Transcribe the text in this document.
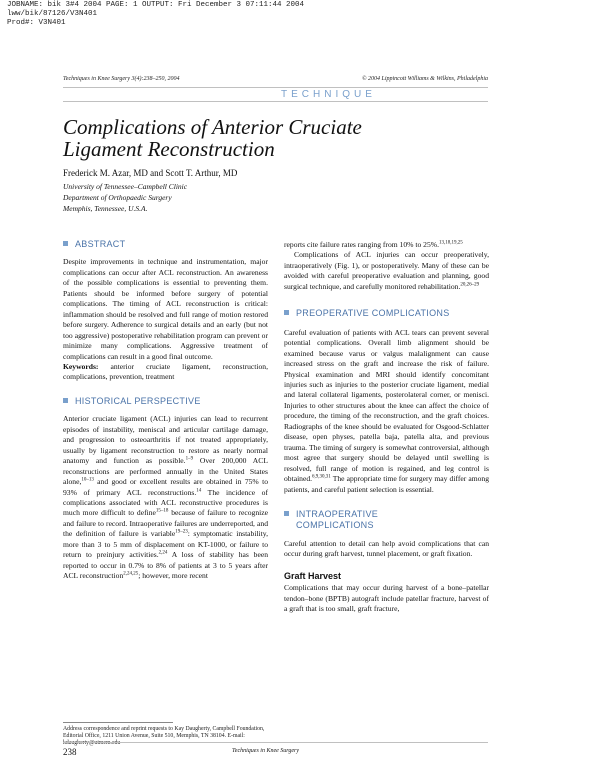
JOBNAME: bik 3#4 2004 PAGE: 1 OUTPUT: Fri December 3 07:11:44 2004
lww/bik/87126/V3N401
Prod#: V3N401
Techniques in Knee Surgery 3(4):238–250, 2004	© 2004 Lippincott Williams & Wilkins, Philadelphia
TECHNIQUE
Complications of Anterior Cruciate
Ligament Reconstruction
Frederick M. Azar, MD and Scott T. Arthur, MD
University of Tennessee–Campbell Clinic
Department of Orthopaedic Surgery
Memphis, Tennessee, U.S.A.
ABSTRACT

Despite improvements in technique and instrumentation, major complications can occur after ACL reconstruction. An awareness of the possible complications is essential to preventing them. Patients should be informed before surgery of potential complications. The timing of ACL reconstruction is critical: inflammation should be resolved and full range of motion restored before surgery. Adherence to surgical details and an early (but not too aggressive) postoperative rehabilitation program can prevent or minimize many complications. Aggressive treatment of complications can result in a good final outcome.

Keywords: anterior cruciate ligament, reconstruction, complications, prevention, treatment

HISTORICAL PERSPECTIVE

Anterior cruciate ligament (ACL) injuries can lead to recurrent episodes of instability, meniscal and articular cartilage damage, and progression to osteoarthritis if not treated appropriately, usually by ligament reconstruction to restore as nearly normal anatomy and function as possible.$^{1-9}$ Over 200,000 ACL reconstructions are performed annually in the United States alone,$^{10-13}$ and good or excellent results are obtained in 75% to 93% of primary ACL reconstructions.$^{14}$ The incidence of complications associated with ACL reconstructive procedures is much more difficult to define$^{15-18}$ because of failure to recognize and failure to record. Intraoperative failures are underreported, and the definition of failure is variable$^{19-23}$: symptomatic instability, more than 3 to 5 mm of displacement on KT-1000, or failure to return to preinjury activities.$^{2,24}$ A loss of stability has been reported to occur in 0.7% to 8% of patients at 3 to 5 years after ACL reconstruction$^{2,24,25}$; however, more recent

Address correspondence and reprint requests to Kay Daugherty, Campbell Foundation, Editorial Office, 1211 Union Avenue, Suite 510, Memphis, TN 38104. E-mail: kdaugherty@utmem.edu

reports cite failure rates ranging from 10% to 25%.$^{13,18,19,25}$

Complications of ACL injuries can occur preoperatively, intraoperatively (Fig. 1), or postoperatively. Many of these can be avoided with careful preoperative evaluation and planning, good surgical technique, and carefully monitored rehabilitation.$^{20,26-29}$

PREOPERATIVE COMPLICATIONS

Careful evaluation of patients with ACL tears can prevent several potential complications. Overall limb alignment should be examined because varus or valgus malalignment can cause increased stress on the graft and increase the risk of failure. Physical examination and MRI should identify concomitant injuries such as injuries to the posterior cruciate ligament, medial and lateral collateral ligaments, posterolateral corner, or menisci. Injuries to other structures about the knee can affect the choice of procedure, the timing of the reconstruction, and the graft choices. Radiographs of the knee should be evaluated for Osgood-Schlatter disease, open physes, patella baja, patella alta, and previous trauma. The timing of surgery is somewhat controversial, although most agree that surgery should be delayed until swelling is resolved, full range of motion is regained, and leg control is obtained.$^{6,9,30,31}$ The appropriate time for surgery may differ among patients, and careful patient selection is essential.

INTRAOPERATIVE
COMPLICATIONS

Careful attention to detail can help avoid complications that can occur during graft harvest, tunnel placement, or graft fixation.

Graft Harvest

Complications that may occur during harvest of a bone–patellar tendon–bone (BPTB) autograft include patellar fracture, harvest of a graft that is too small, graft fracture,

238	Techniques in Knee Surgery
